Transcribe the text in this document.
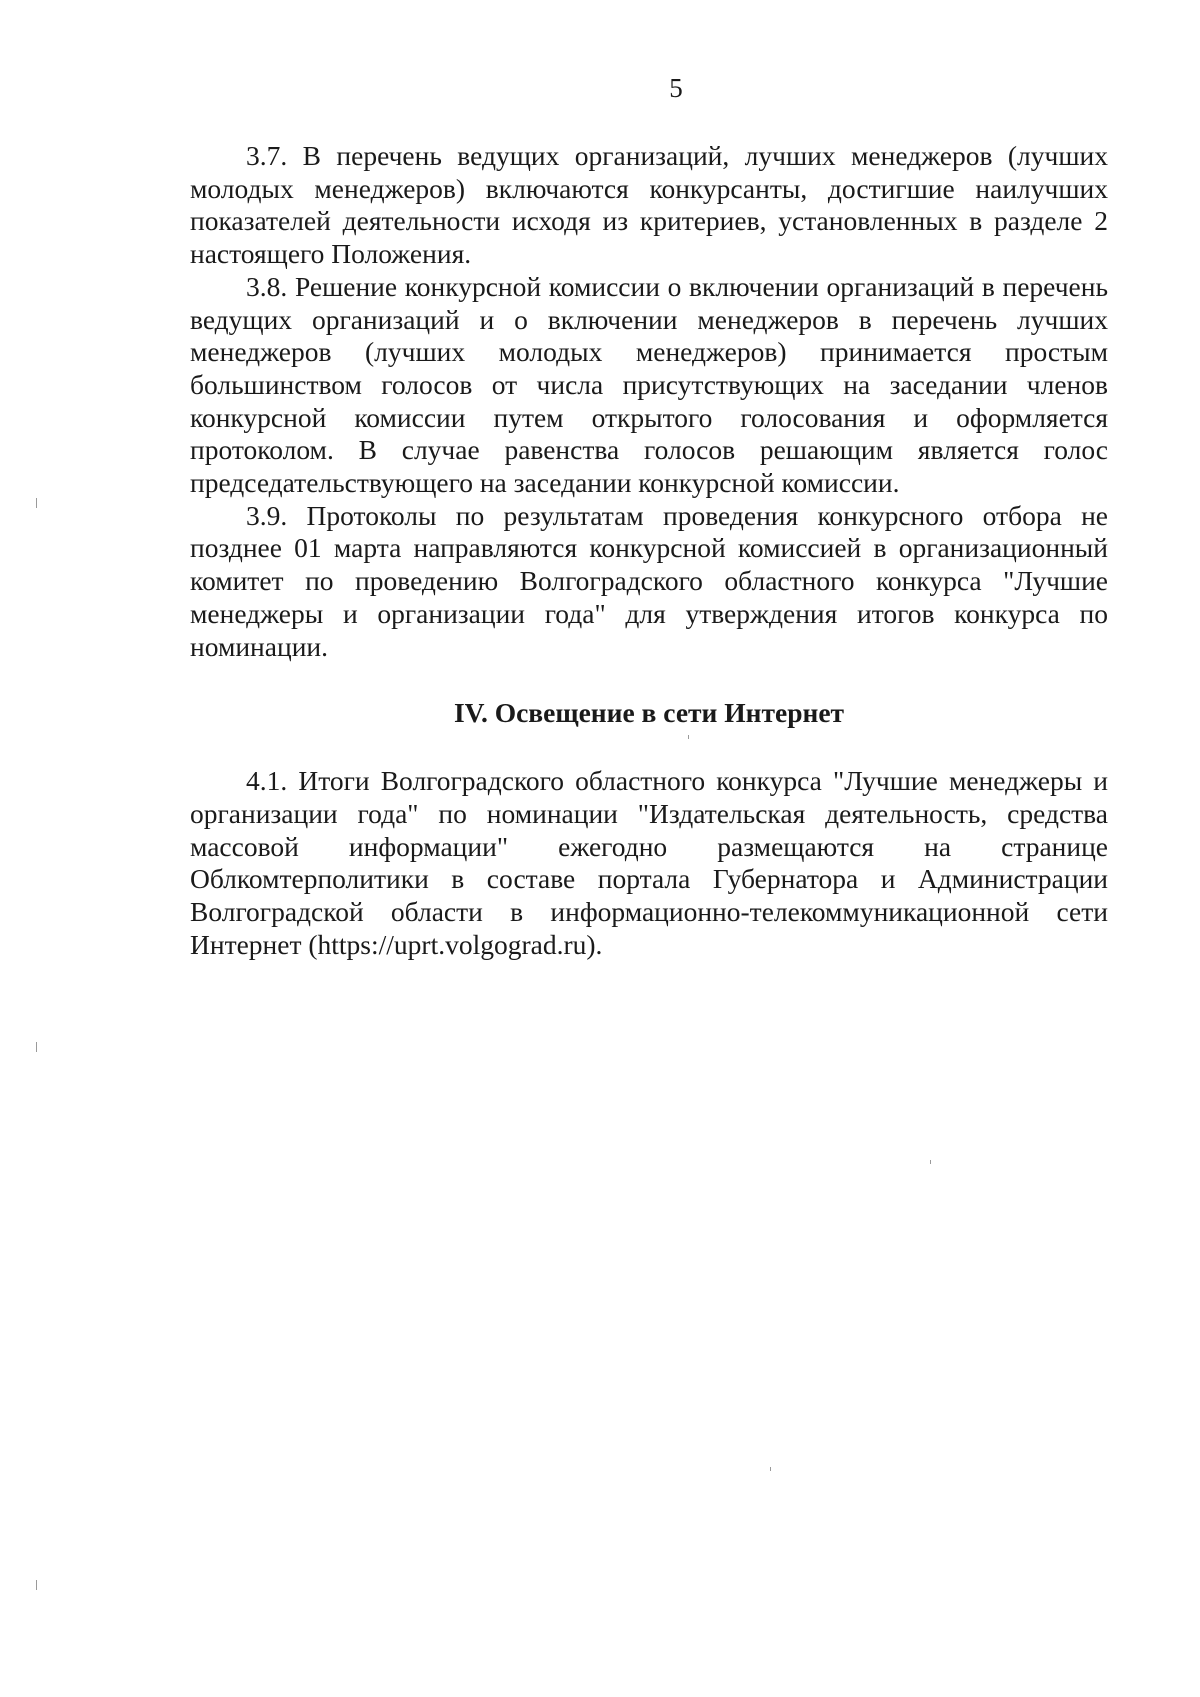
5

3.7. В перечень ведущих организаций, лучших менеджеров (лучших молодых менеджеров) включаются конкурсанты, достигшие наилучших показателей деятельности исходя из критериев, установленных в разделе 2 настоящего Положения.

3.8. Решение конкурсной комиссии о включении организаций в перечень ведущих организаций и о включении менеджеров в перечень лучших менеджеров (лучших молодых менеджеров) принимается простым большинством голосов от числа присутствующих на заседании членов конкурсной комиссии путем открытого голосования и оформляется протоколом. В случае равенства голосов решающим является голос председательствующего на заседании конкурсной комиссии.

3.9. Протоколы по результатам проведения конкурсного отбора не позднее 01 марта направляются конкурсной комиссией в организационный комитет по проведению Волгоградского областного конкурса "Лучшие менеджеры и организации года" для утверждения итогов конкурса по номинации.

IV. Освещение в сети Интернет

4.1. Итоги Волгоградского областного конкурса "Лучшие менеджеры и организации года" по номинации "Издательская деятельность, средства массовой информации" ежегодно размещаются на странице Облкомтерполитики в составе портала Губернатора и Администрации Волгоградской области в информационно-телекоммуникационной сети Интернет (https://uprt.volgograd.ru).
